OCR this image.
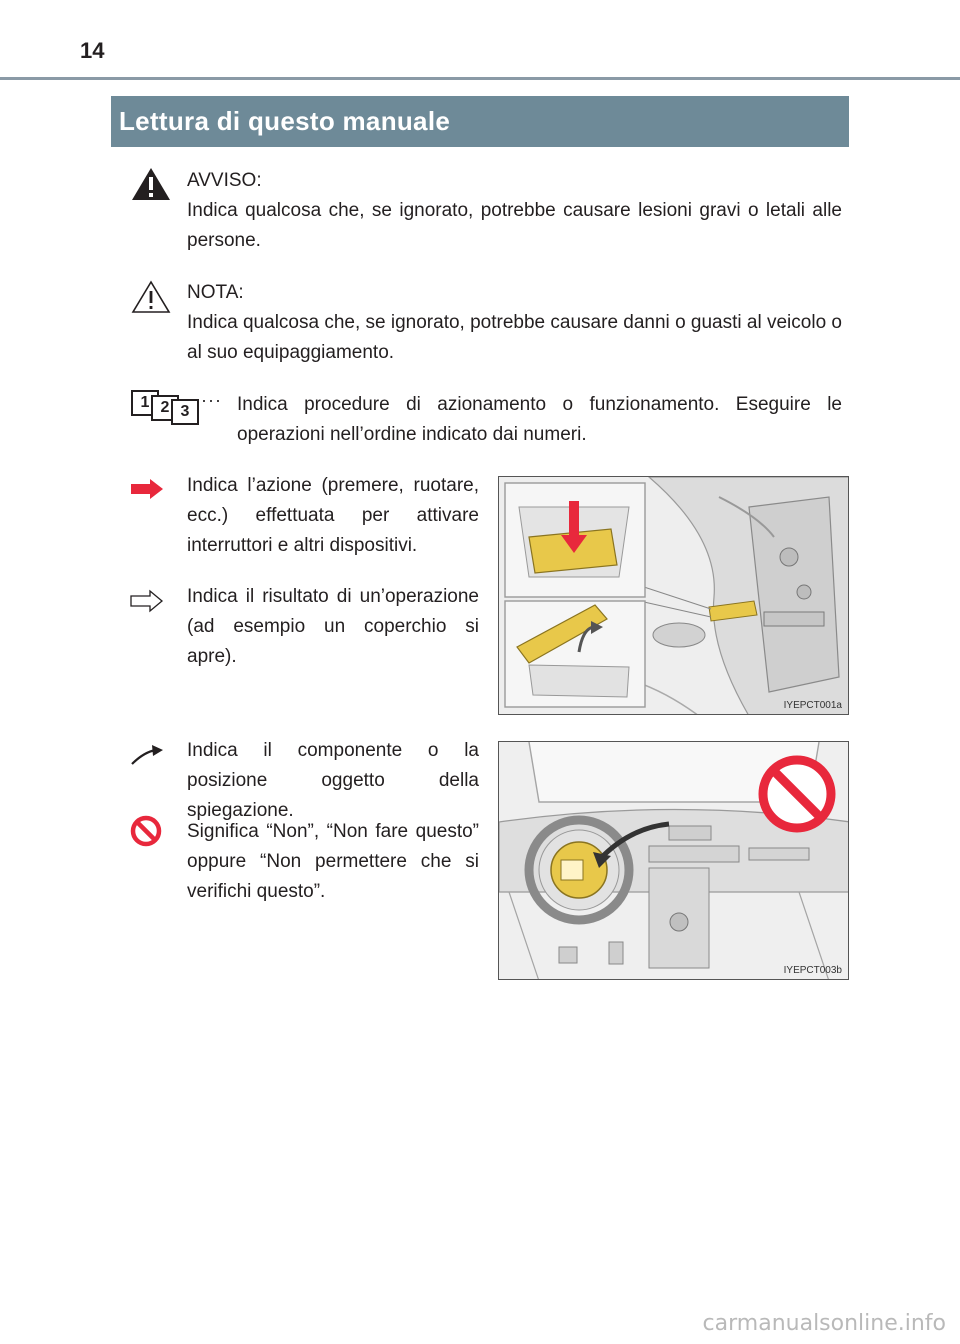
14
Lettura di questo manuale
AVVISO:
Indica qualcosa che, se ignorato, potrebbe causare lesioni gravi o letali alle persone.
NOTA:
Indica qualcosa che, se ignorato, potrebbe causare danni o guasti al veicolo o al suo equipaggiamento.
1 2 3
··· Indica procedure di azionamento o funzionamento. Eseguire le operazioni nell’ordine indicato dai numeri.
Indica l’azione (premere, ruotare, ecc.) effettuata per attivare interruttori e altri dispositivi.
Indica il risultato di un’operazione (ad esempio un coperchio si apre).
IYEPCT001a
Indica il componente o la posizione oggetto della spiegazione.
Significa “Non”, “Non fare questo” oppure “Non permettere che si verifichi questo”.
IYEPCT003b
carmanualsonline.info
